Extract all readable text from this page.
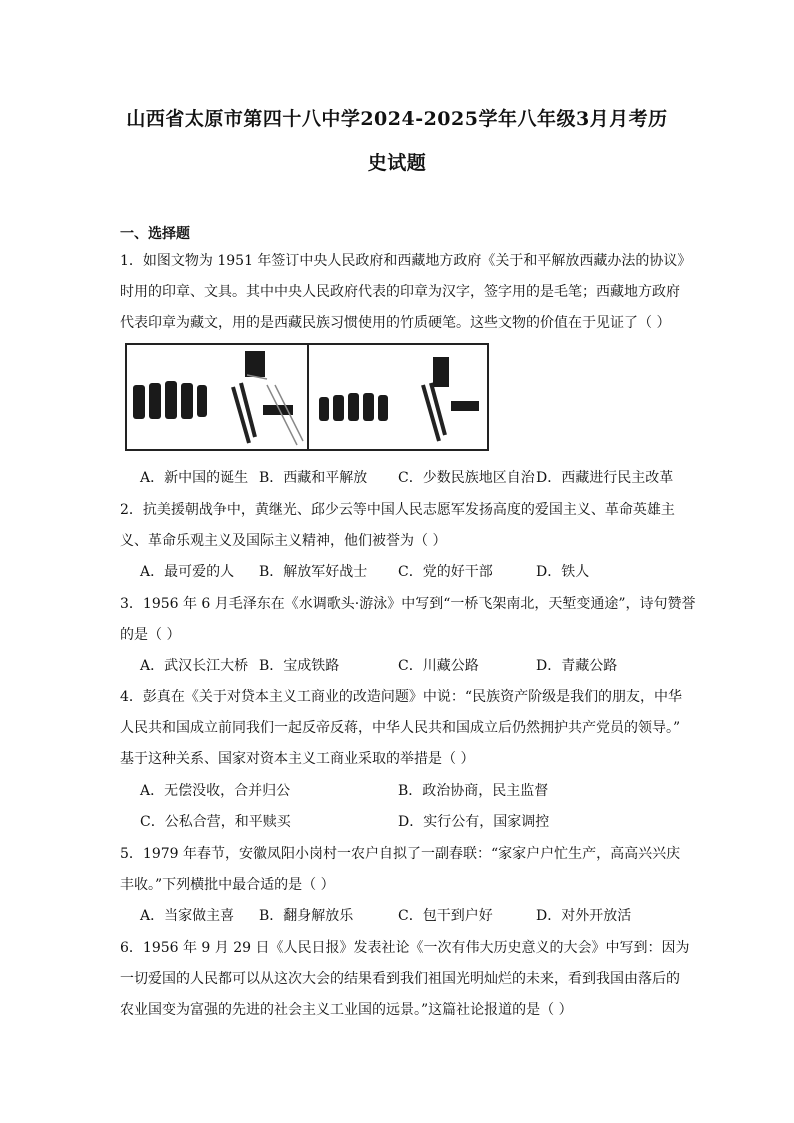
山西省太原市第四十八中学2024-2025学年八年级3月月考历
史试题
一、选择题
1．如图文物为 1951 年签订中央人民政府和西藏地方政府《关于和平解放西藏办法的协议》
时用的印章、文具。其中中央人民政府代表的印章为汉字，签字用的是毛笔；西藏地方政府
代表印章为藏文，用的是西藏民族习惯使用的竹质硬笔。这些文物的价值在于见证了（ ）
A．新中国的诞生 B．西藏和平解放 C．少数民族地区自治 D．西藏进行民主改革
2．抗美援朝战争中，黄继光、邱少云等中国人民志愿军发扬高度的爱国主义、革命英雄主
义、革命乐观主义及国际主义精神，他们被誉为（ ）
A．最可爱的人 B．解放军好战士 C．党的好干部	D．铁人
3．1956 年 6 月毛泽东在《水调歌头·游泳》中写到“一桥飞架南北，天堑变通途”，诗句赞誉
的是（ ）
A．武汉长江大桥 B．宝成铁路	C．川藏公路	D．青藏公路
4．彭真在《关于对贷本主义工商业的改造问题》中说：“民族资产阶级是我们的朋友，中华
人民共和国成立前同我们一起反帝反蒋，中华人民共和国成立后仍然拥护共产党员的领导。”
基于这种关系、国家对资本主义工商业采取的举措是（ ）
A．无偿没收，合并归公	B．政治协商，民主监督
C．公私合营，和平赎买	D．实行公有，国家调控
5．1979 年春节，安徽凤阳小岗村一农户自拟了一副春联：“家家户户忙生产，高高兴兴庆
丰收。”下列横批中最合适的是（ ）
A．当家做主喜 B．翻身解放乐	C．包干到户好	D．对外开放活
6．1956 年 9 月 29 日《人民日报》发表社论《一次有伟大历史意义的大会》中写到：因为
一切爱国的人民都可以从这次大会的结果看到我们祖国光明灿烂的未来，看到我国由落后的
农业国变为富强的先进的社会主义工业国的远景。”这篇社论报道的是（ ）
